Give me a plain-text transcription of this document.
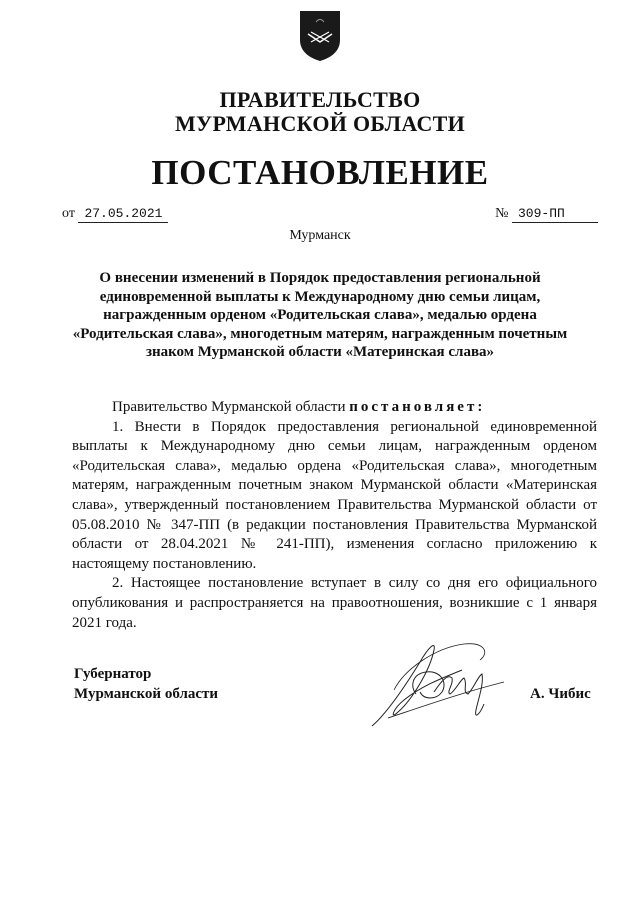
ПРАВИТЕЛЬСТВО
МУРМАНСКОЙ ОБЛАСТИ
ПОСТАНОВЛЕНИЕ
от 27.05.2021	№ 309-ПП
Мурманск
О внесении изменений в Порядок предоставления региональной единовременной выплаты к Международному дню семьи лицам, награжденным орденом «Родительская слава», медалью ордена «Родительская слава», многодетным матерям, награжденным почетным знаком Мурманской области «Материнская слава»

Правительство Мурманской области постановляет:

1. Внести в Порядок предоставления региональной единовременной выплаты к Международному дню семьи лицам, награжденным орденом «Родительская слава», медалью ордена «Родительская слава», многодетным матерям, награжденным почетным знаком Мурманской области «Материнская слава», утвержденный постановлением Правительства Мурманской области от 05.08.2010 № 347-ПП (в редакции постановления Правительства Мурманской области от 28.04.2021 № 241-ПП), изменения согласно приложению к настоящему постановлению.

2. Настоящее постановление вступает в силу со дня его официального опубликования и распространяется на правоотношения, возникшие с 1 января 2021 года.

Губернатор
Мурманской области	А. Чибис
